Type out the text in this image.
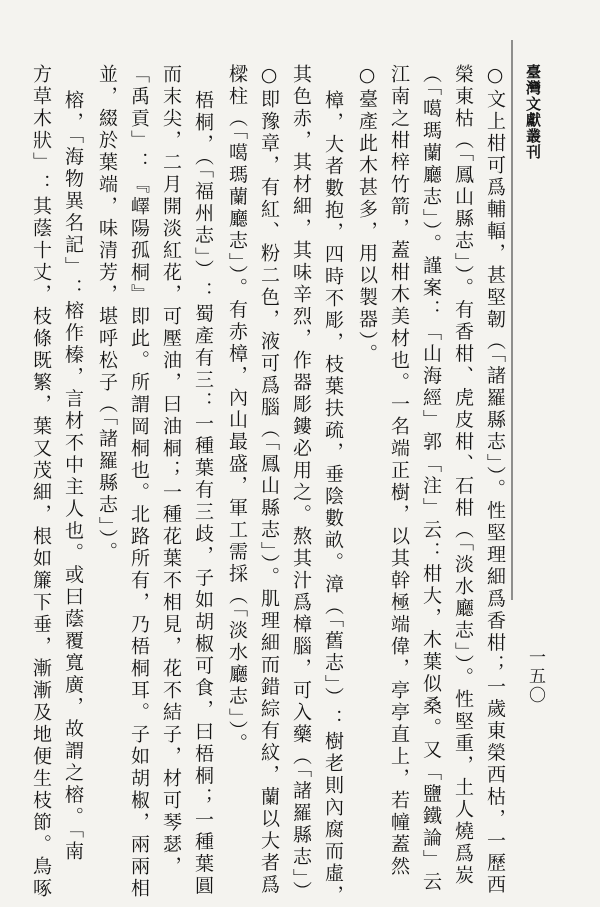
臺灣文獻叢刊
一五〇
○文上柑可爲輔輻，甚堅韌（「諸羅縣志」）。性堅理細爲香柑；一歲東榮西枯，一歷西
榮東枯（「鳳山縣志」）。有香柑、虎皮柑、石柑（「淡水廳志」）。性堅重，土人燒爲炭
（「噶瑪蘭廳志」）。謹案：「山海經」郭「注」云：柑大，木葉似桑。又「鹽鐵論」云
江南之柑梓竹箭，蓋柑木美材也。一名端正樹，以其幹極端偉，亭亭直上，若幢蓋然
○臺產此木甚多，用以製器）。
樟，大者數抱，四時不彫，枝葉扶疏，垂陰數畝。漳（「舊志」）：樹老則內腐而虛，
其色赤，其材細，其味辛烈，作器彫鏤必用之。熬其汁爲樟腦，可入藥（「諸羅縣志」）
○即豫章，有紅、粉二色，液可爲腦（「鳳山縣志」）。肌理細而錯綜有紋，蘭以大者爲
樑柱（「噶瑪蘭廳志」）。有赤樟，內山最盛，軍工需採（「淡水廳志」）。
梧桐，（「福州志」）：蜀產有三：一種葉有三歧，子如胡椒可食，曰梧桐；一種葉圓
而末尖，二月開淡紅花，可壓油，曰油桐；一種花葉不相見，花不結子，材可琴瑟，
「禹貢」：『嶧陽孤桐』即此。所謂岡桐也。北路所有，乃梧桐耳。子如胡椒，兩兩相
並，綴於葉端，味清芳，堪呼松子（「諸羅縣志」）。
榕，「海物異名記」：榕作榛，言材不中主人也。或曰蔭覆寬廣，故謂之榕。「南
方草木狀」：其蔭十丈，枝條既繁，葉又茂細，根如簾下垂，漸漸及地便生枝節。鳥啄
